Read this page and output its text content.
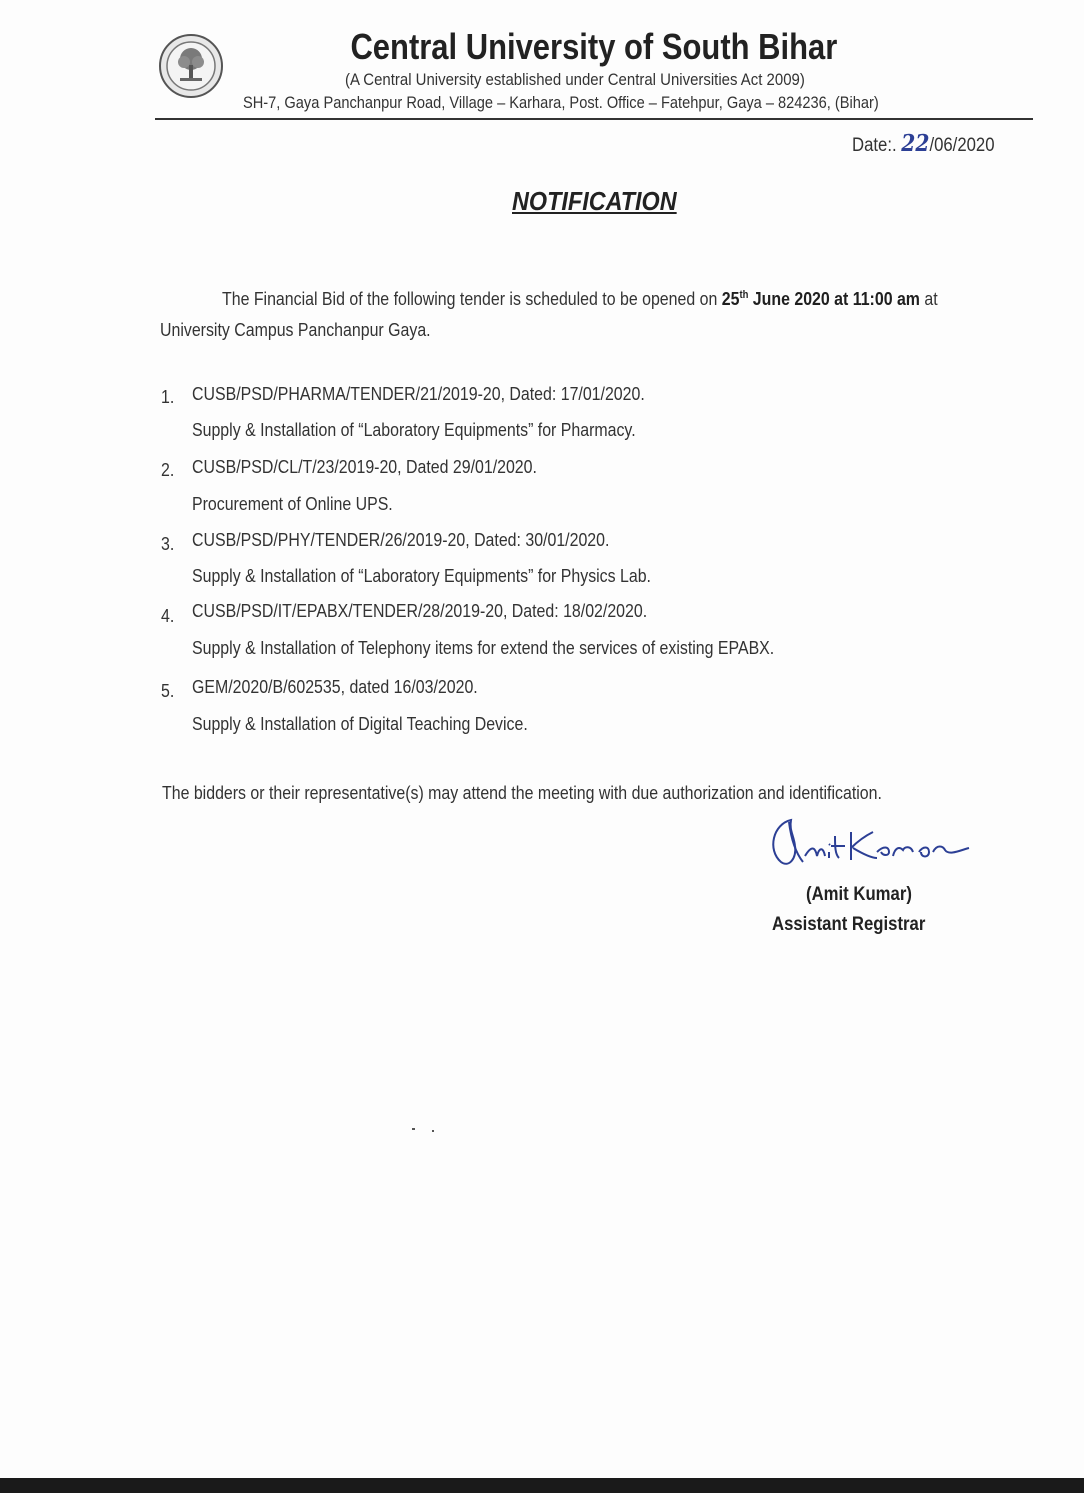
Central University of South Bihar
(A Central University established under Central Universities Act 2009)
SH-7, Gaya Panchanpur Road, Village – Karhara, Post. Office – Fatehpur, Gaya – 824236, (Bihar)
Date:. 22/06/2020
NOTIFICATION
The Financial Bid of the following tender is scheduled to be opened on 25th June 2020 at 11:00 am at
University Campus Panchanpur Gaya.
1. CUSB/PSD/PHARMA/TENDER/21/2019-20, Dated: 17/01/2020.
Supply & Installation of “Laboratory Equipments” for Pharmacy.
2. CUSB/PSD/CL/T/23/2019-20, Dated 29/01/2020.
Procurement of Online UPS.
3. CUSB/PSD/PHY/TENDER/26/2019-20, Dated: 30/01/2020.
Supply & Installation of “Laboratory Equipments” for Physics Lab.
4. CUSB/PSD/IT/EPABX/TENDER/28/2019-20, Dated: 18/02/2020.
Supply & Installation of Telephony items for extend the services of existing EPABX.
5. GEM/2020/B/602535, dated 16/03/2020.
Supply & Installation of Digital Teaching Device.
The bidders or their representative(s) may attend the meeting with due authorization and identification.
AmitKumar
(Amit Kumar)
Assistant Registrar
